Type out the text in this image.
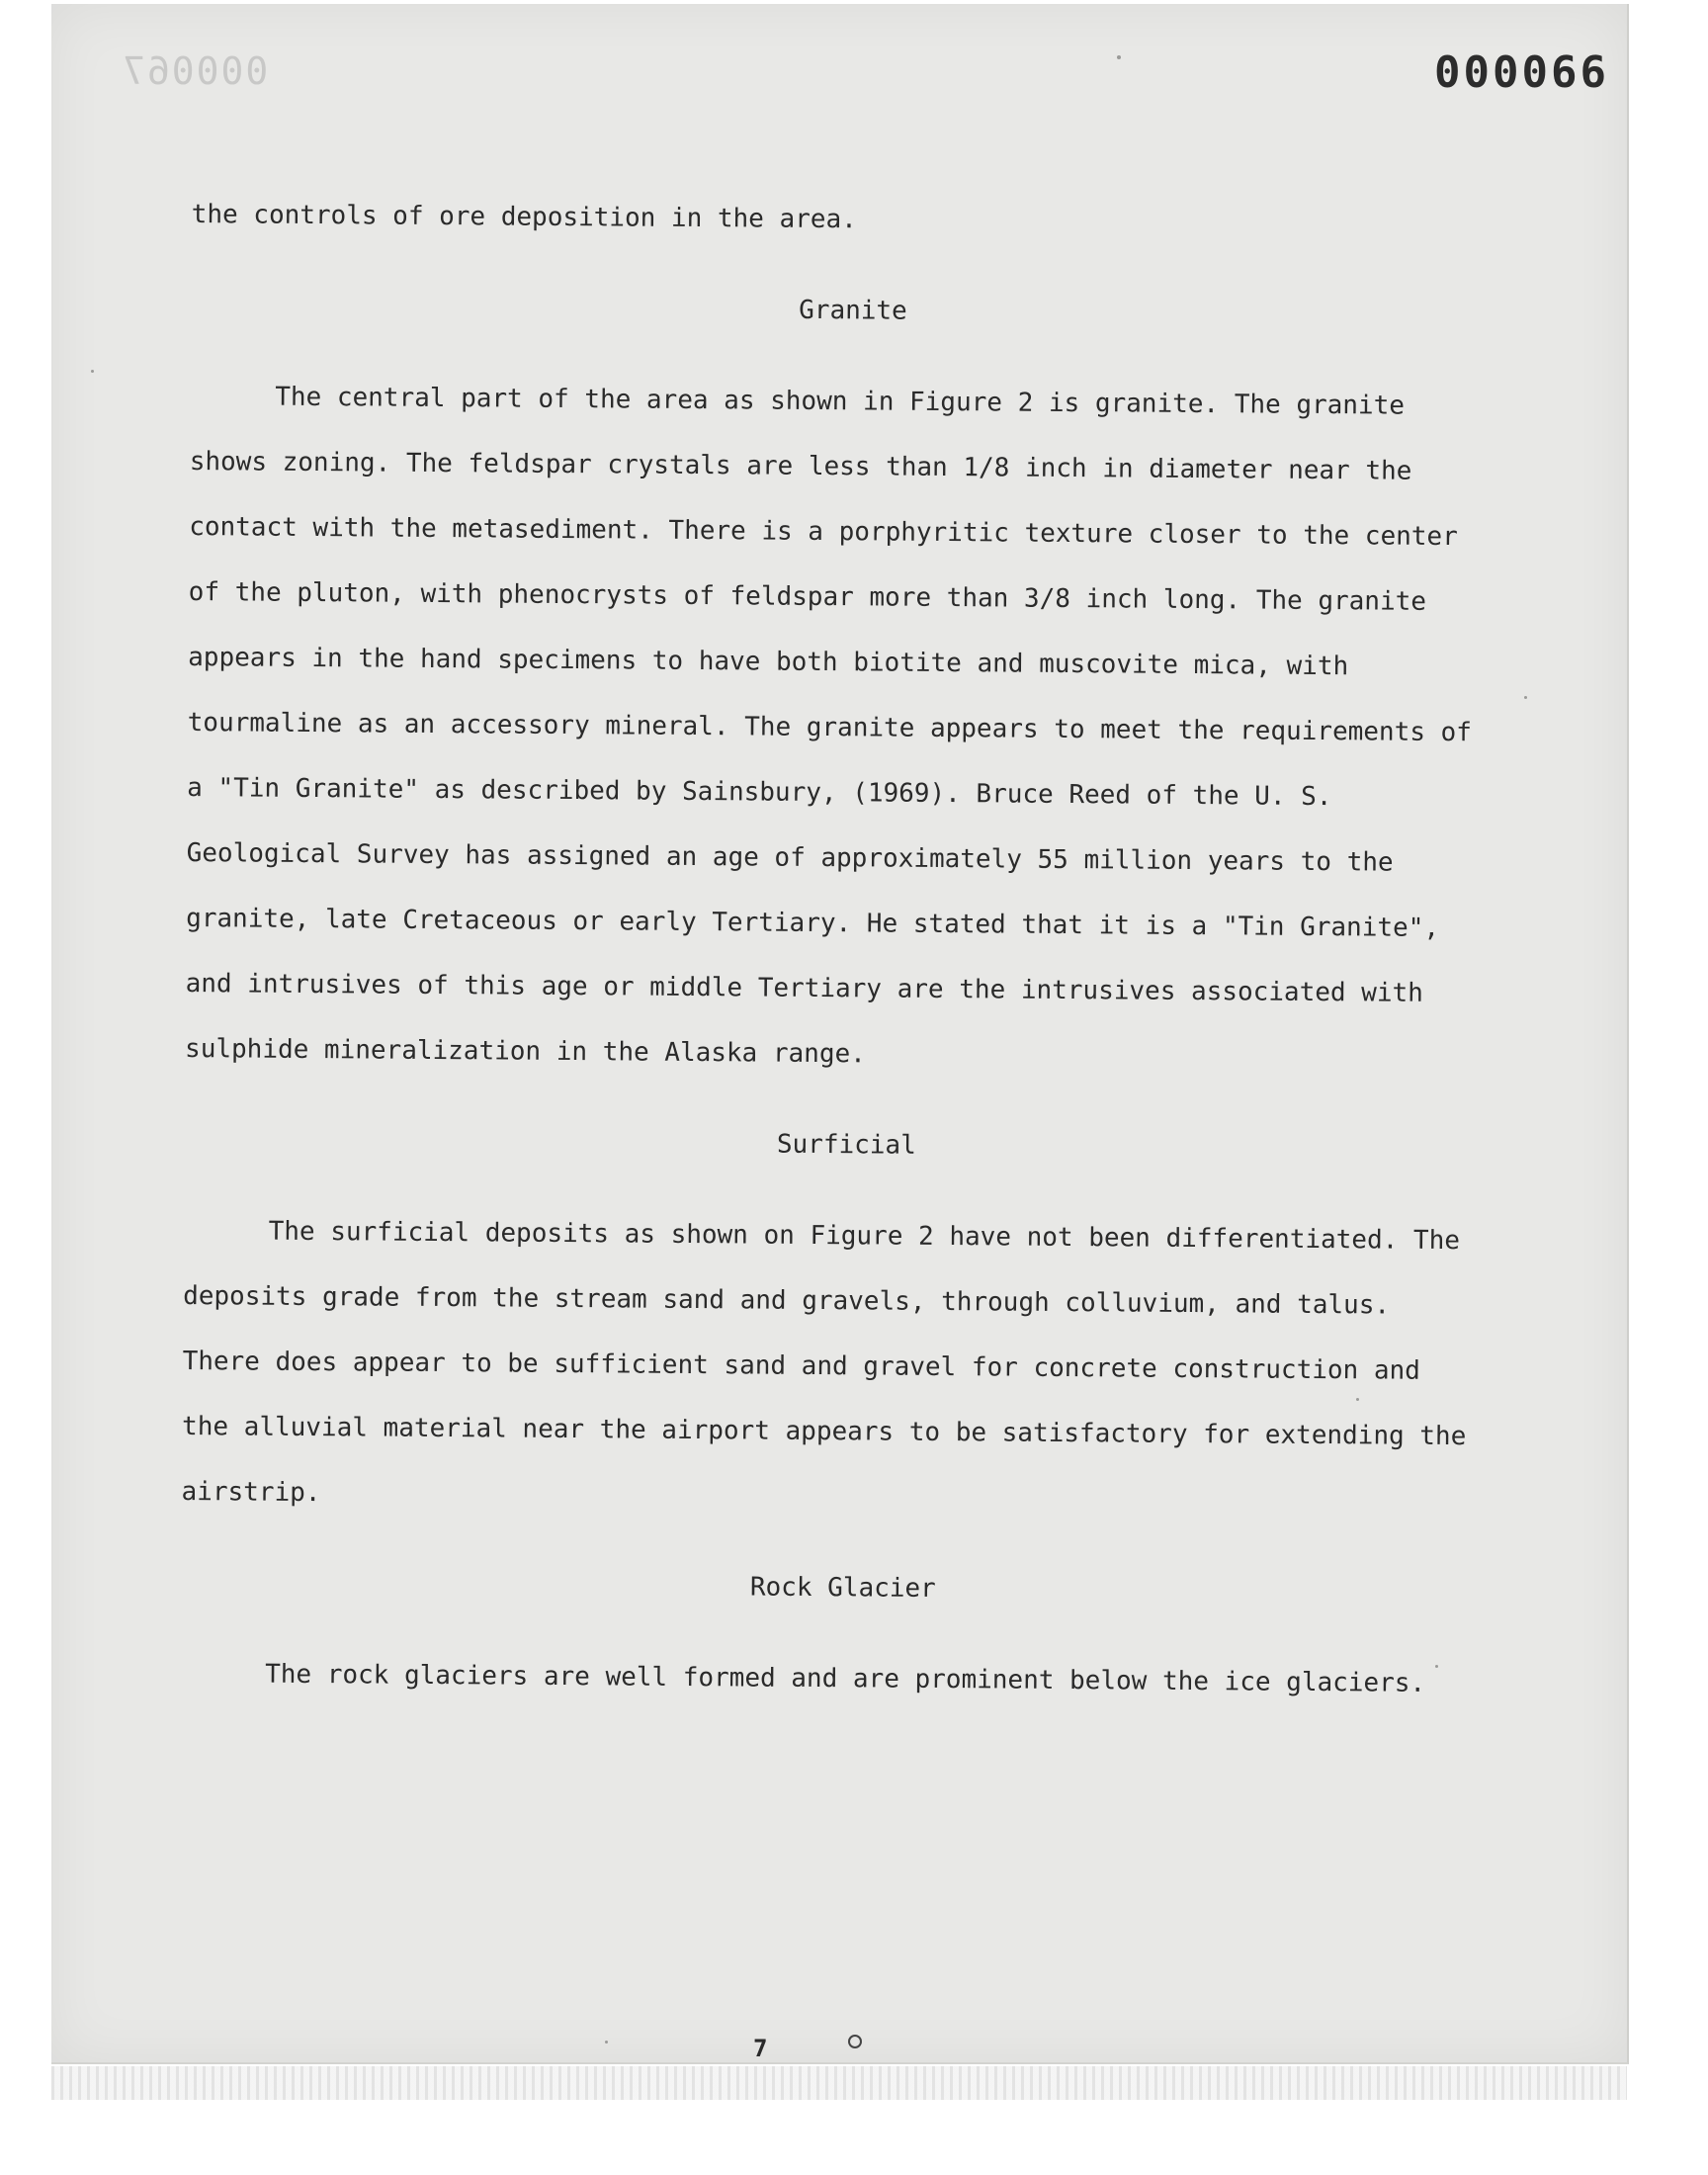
000067	000066

the controls of ore deposition in the area.

Granite

The central part of the area as shown in Figure 2 is granite. The granite shows zoning. The feldspar crystals are less than 1/8 inch in diameter near the contact with the metasediment. There is a porphyritic texture closer to the center of the pluton, with phenocrysts of feldspar more than 3/8 inch long. The granite appears in the hand specimens to have both biotite and muscovite mica, with tourmaline as an accessory mineral. The granite appears to meet the requirements of a "Tin Granite" as described by Sainsbury, (1969). Bruce Reed of the U. S. Geological Survey has assigned an age of approximately 55 million years to the granite, late Cretaceous or early Tertiary. He stated that it is a "Tin Granite", and intrusives of this age or middle Tertiary are the intrusives associated with sulphide mineralization in the Alaska range.

Surficial

The surficial deposits as shown on Figure 2 have not been differentiated. The deposits grade from the stream sand and gravels, through colluvium, and talus. There does appear to be sufficient sand and gravel for concrete construction and the alluvial material near the airport appears to be satisfactory for extending the airstrip.

Rock Glacier

The rock glaciers are well formed and are prominent below the ice glaciers.

7
